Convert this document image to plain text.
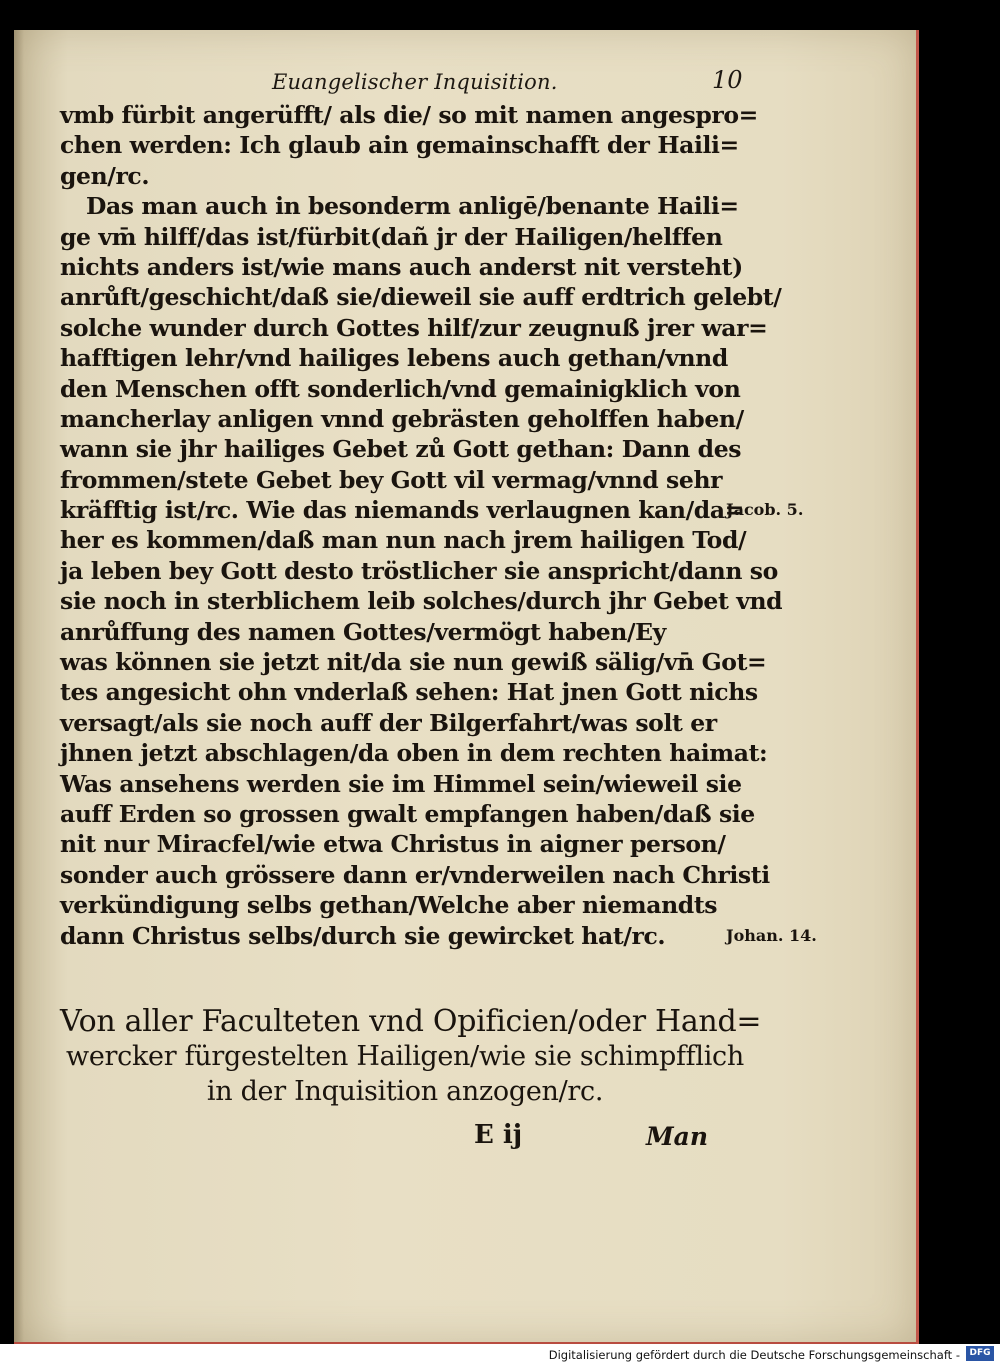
Euangelischer Inquisition.	10
vmb fürbit angerüfft/ als die/ so mit namen angespro=
chen werden: Ich glaub ain gemainschafft der Haili=
gen/rc.
Das man auch in besonderm anligē/benante Haili=
ge vm̄ hilff/das ist/fürbit(dañ jr der Hailigen/helffen
nichts anders ist/wie mans auch anderst nit versteht)
anrůft/geschicht/daß sie/dieweil sie auff erdtrich gelebt/
solche wunder durch Gottes hilf/zur zeugnuß jrer war=
hafftigen lehr/vnd hailiges lebens auch gethan/vnnd
den Menschen offt sonderlich/vnd gemainigklich von
mancherlay anligen vnnd gebrästen geholffen haben/
wann sie jhr hailiges Gebet zů Gott gethan: Dann des
frommen/stete Gebet bey Gott vil vermag/vnnd sehr
kräfftig ist/rc. Wie das niemands verlaugnen kan/da=
her es kommen/daß man nun nach jrem hailigen Tod/
ja leben bey Gott desto tröstlicher sie anspricht/dann so
sie noch in sterblichem leib solches/durch jhr Gebet vnd
anrůffung des namen Gottes/vermögt haben/Ey
was können sie jetzt nit/da sie nun gewiß sälig/vn̄ Got=
tes angesicht ohn vnderlaß sehen: Hat jnen Gott nichs
versagt/als sie noch auff der Bilgerfahrt/was solt er
jhnen jetzt abschlagen/da oben in dem rechten haimat:
Was ansehens werden sie im Himmel sein/wieweil sie
auff Erden so grossen gwalt empfangen haben/daß sie
nit nur Miracfel/wie etwa Christus in aigner person/
sonder auch grössere dann er/vnderweilen nach Christi
verkündigung selbs gethan/Welche aber niemandts
dann Christus selbs/durch sie gewircket hat/rc.
Jacob. 5.
Johan. 14.
Von aller Faculteten vnd Opificien/oder Hand=
wercker fürgestelten Hailigen/wie sie schimpfflich
in der Inquisition anzogen/rc.
E ij	Man
Digitalisierung gefördert durch die Deutsche Forschungsgemeinschaft -	DFG
